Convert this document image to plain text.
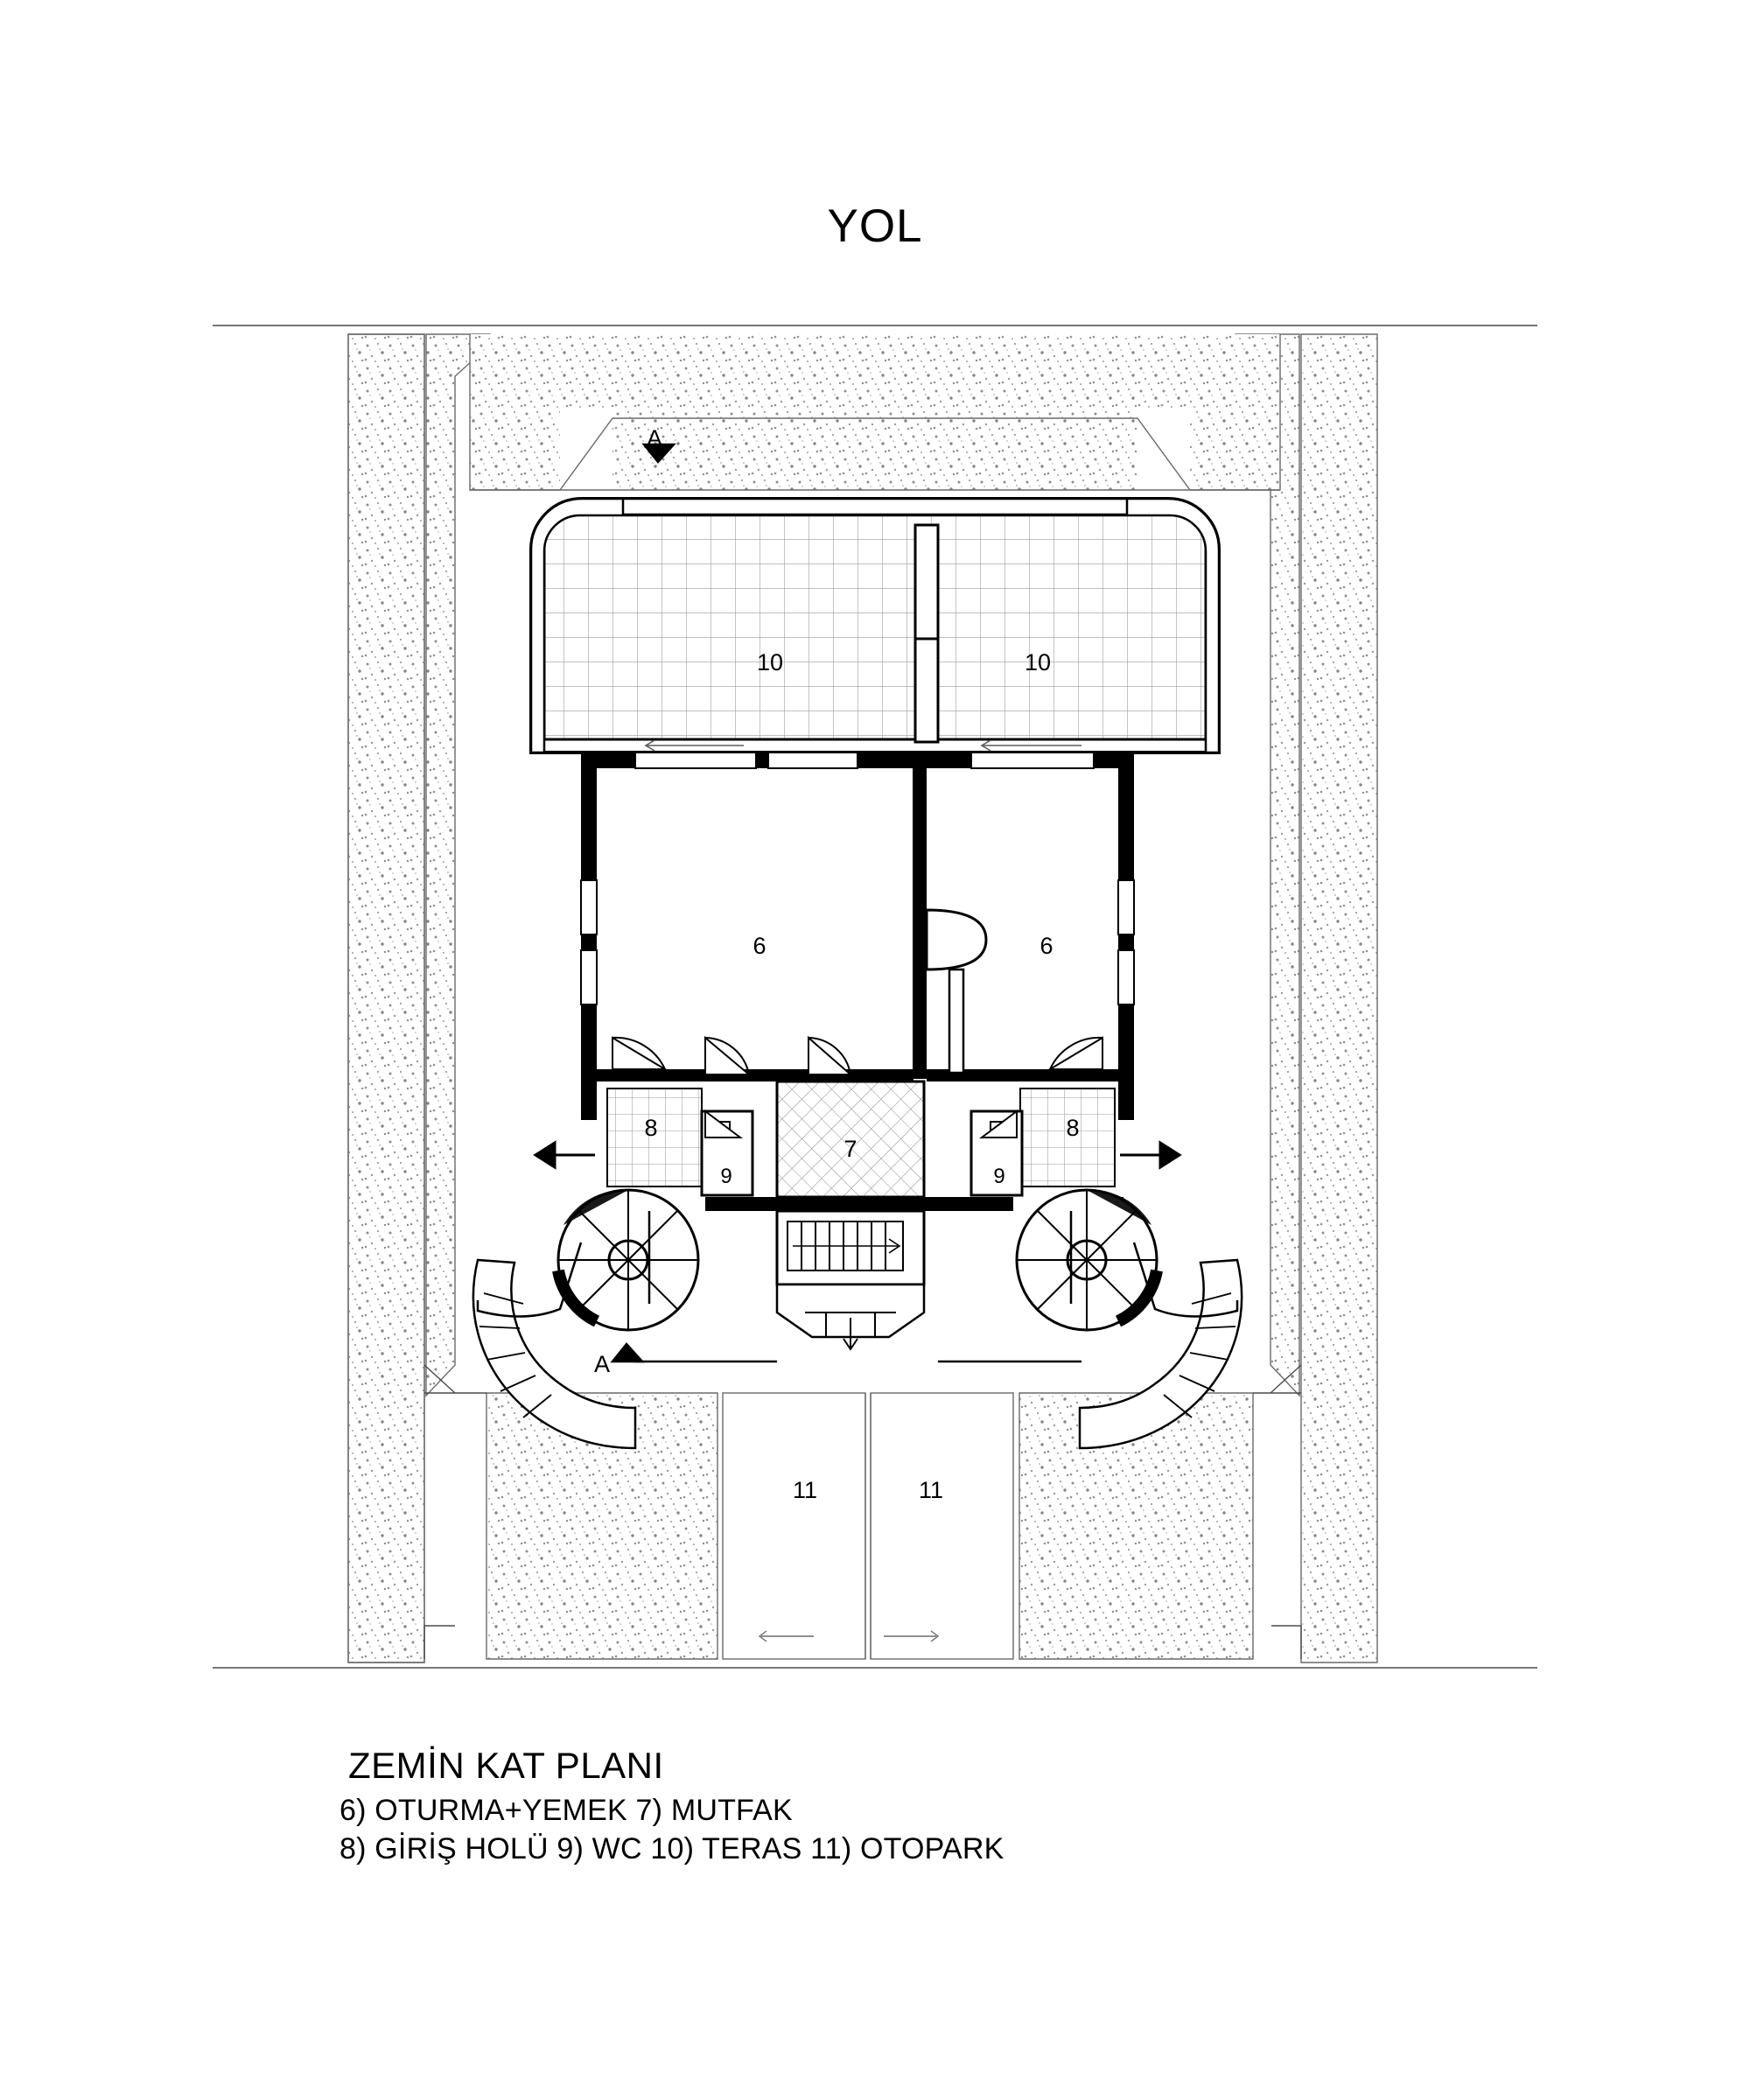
YOL
10	10
6	6
7
8	8
9	9
11	11
A
A
ZEMİN KAT PLANI
6) OTURMA+YEMEK 7) MUTFAK
8) GİRİŞ HOLÜ 9) WC 10) TERAS 11) OTOPARK
